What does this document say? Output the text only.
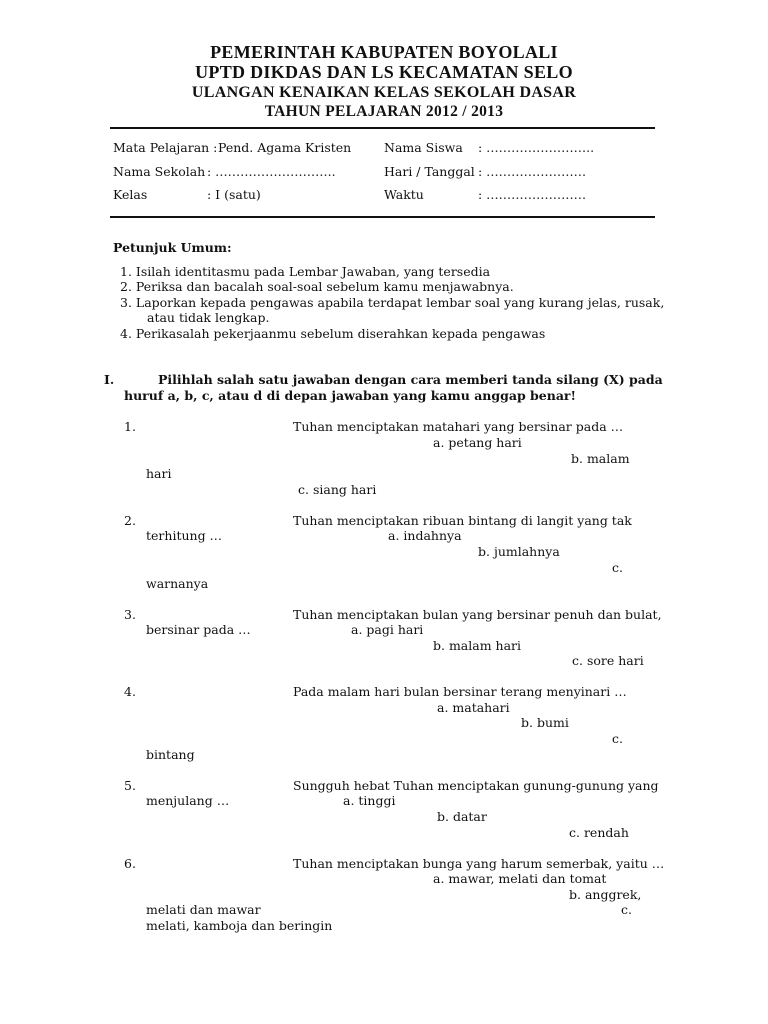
PEMERINTAH KABUPATEN BOYOLALI
UPTD DIKDAS DAN LS KECAMATAN SELO
ULANGAN KENAIKAN KELAS SEKOLAH DASAR
TAHUN PELAJARAN 2012 / 2013
Mata Pelajaran : Pend. Agama Kristen
Nama Sekolah : ………………………..
Kelas	: I (satu)
Nama Siswa : ……………………..
Hari / Tanggal : ……………………
Waktu	: ……………………
Petunjuk Umum:
1. Isilah identitasmu pada Lembar Jawaban, yang tersedia
2. Periksa dan bacalah soal-soal sebelum kamu menjawabnya.
3. Laporkan kepada pengawas apabila terdapat lembar soal yang kurang jelas, rusak,
atau tidak lengkap.
4. Perikasalah pekerjaanmu sebelum diserahkan kepada pengawas
I.	Pilihlah salah satu jawaban dengan cara memberi tanda silang (X) pada
huruf a, b, c, atau d di depan jawaban yang kamu anggap benar!
1.	Tuhan menciptakan matahari yang bersinar pada …
a. petang hari
b. malam
hari
c. siang hari
2.	Tuhan menciptakan ribuan bintang di langit yang tak
terhitung …	a. indahnya
b. jumlahnya
c.
warnanya
3.	Tuhan menciptakan bulan yang bersinar penuh dan bulat,
bersinar pada …	a. pagi hari
b. malam hari
c. sore hari
4.	Pada malam hari bulan bersinar terang menyinari …
a. matahari
b. bumi
c.
bintang
5.	Sungguh hebat Tuhan menciptakan gunung-gunung yang
menjulang …	a. tinggi
b. datar
c. rendah
6.	Tuhan menciptakan bunga yang harum semerbak, yaitu …
a. mawar, melati dan tomat
b. anggrek,
melati dan mawar	c.
melati, kamboja dan beringin
